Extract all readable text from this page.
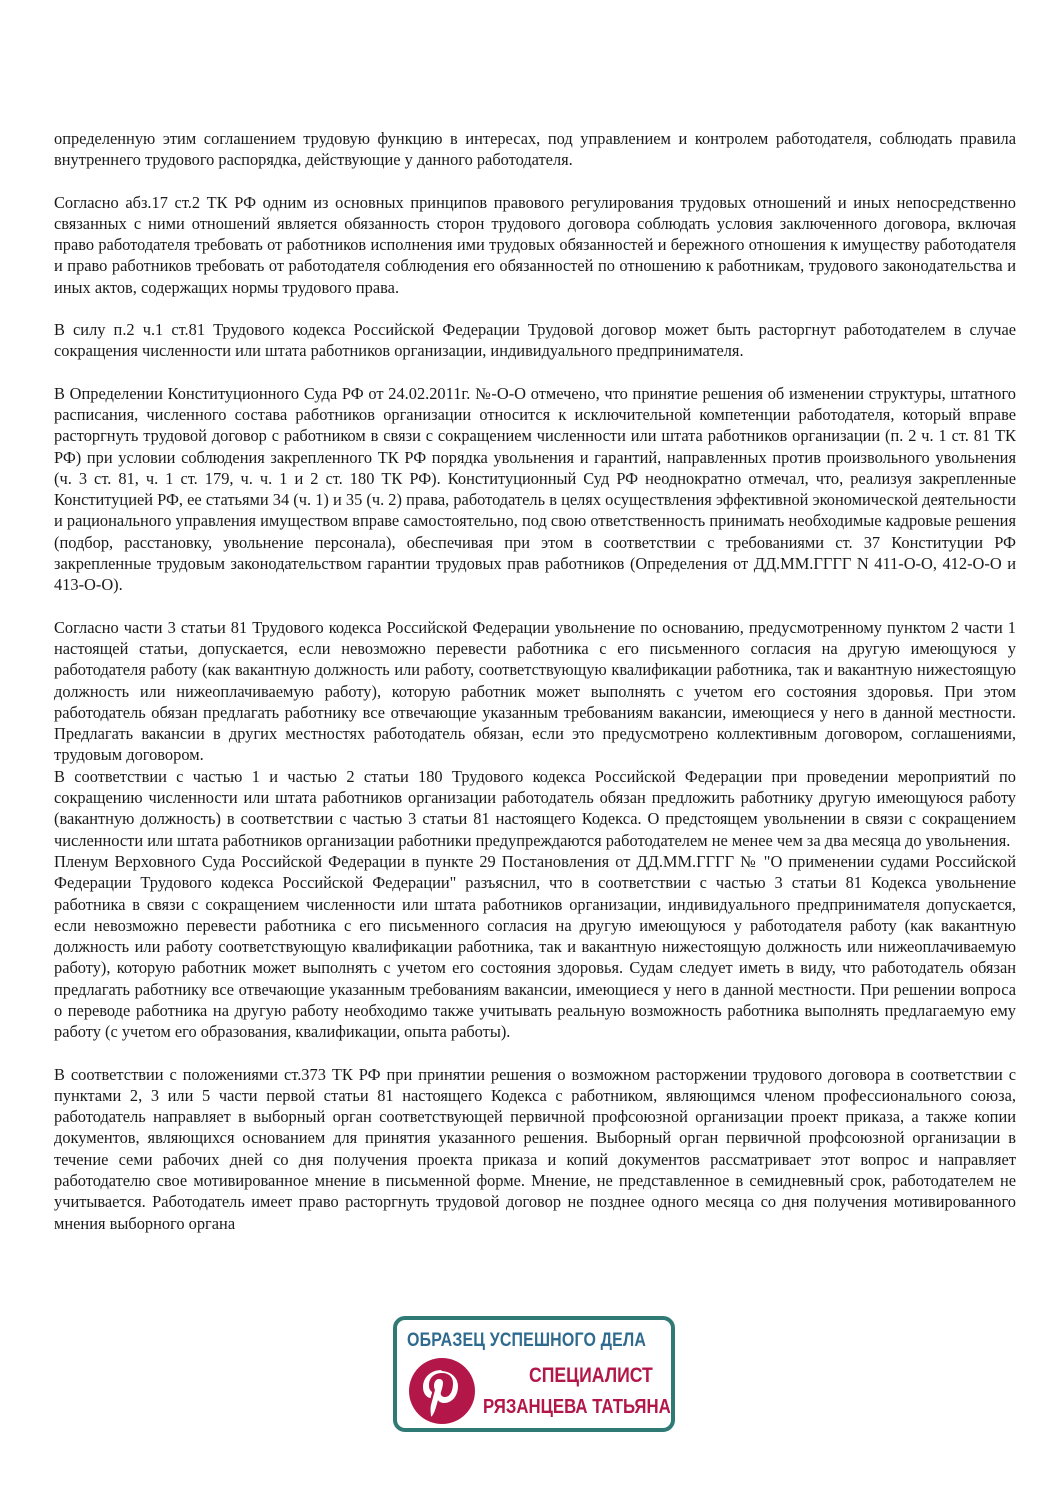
определенную этим соглашением трудовую функцию в интересах, под управлением и контролем работодателя, соблюдать правила внутреннего трудового распорядка, действующие у данного работодателя.

Согласно абз.17 ст.2 ТК РФ одним из основных принципов правового регулирования трудовых отношений и иных непосредственно связанных с ними отношений является обязанность сторон трудового договора соблюдать условия заключенного договора, включая право работодателя требовать от работников исполнения ими трудовых обязанностей и бережного отношения к имуществу работодателя и право работников требовать от работодателя соблюдения его обязанностей по отношению к работникам, трудового законодательства и иных актов, содержащих нормы трудового права.

В силу п.2 ч.1 ст.81 Трудового кодекса Российской Федерации Трудовой договор может быть расторгнут работодателем в случае сокращения численности или штата работников организации, индивидуального предпринимателя.

В Определении Конституционного Суда РФ от 24.02.2011г. №-О-О отмечено, что принятие решения об изменении структуры, штатного расписания, численного состава работников организации относится к исключительной компетенции работодателя, который вправе расторгнуть трудовой договор с работником в связи с сокращением численности или штата работников организации (п. 2 ч. 1 ст. 81 ТК РФ) при условии соблюдения закрепленного ТК РФ порядка увольнения и гарантий, направленных против произвольного увольнения (ч. 3 ст. 81, ч. 1 ст. 179, ч. ч. 1 и 2 ст. 180 ТК РФ). Конституционный Суд РФ неоднократно отмечал, что, реализуя закрепленные Конституцией РФ, ее статьями 34 (ч. 1) и 35 (ч. 2) права, работодатель в целях осуществления эффективной экономической деятельности и рационального управления имуществом вправе самостоятельно, под свою ответственность принимать необходимые кадровые решения (подбор, расстановку, увольнение персонала), обеспечивая при этом в соответствии с требованиями ст. 37 Конституции РФ закрепленные трудовым законодательством гарантии трудовых прав работников (Определения от ДД.ММ.ГГГГ N 411-О-О, 412-О-О и 413-О-О).

Согласно части 3 статьи 81 Трудового кодекса Российской Федерации увольнение по основанию, предусмотренному пунктом 2 части 1 настоящей статьи, допускается, если невозможно перевести работника с его письменного согласия на другую имеющуюся у работодателя работу (как вакантную должность или работу, соответствующую квалификации работника, так и вакантную нижестоящую должность или нижеоплачиваемую работу), которую работник может выполнять с учетом его состояния здоровья. При этом работодатель обязан предлагать работнику все отвечающие указанным требованиям вакансии, имеющиеся у него в данной местности. Предлагать вакансии в других местностях работодатель обязан, если это предусмотрено коллективным договором, соглашениями, трудовым договором.

В соответствии с частью 1 и частью 2 статьи 180 Трудового кодекса Российской Федерации при проведении мероприятий по сокращению численности или штата работников организации работодатель обязан предложить работнику другую имеющуюся работу (вакантную должность) в соответствии с частью 3 статьи 81 настоящего Кодекса. О предстоящем увольнении в связи с сокращением численности или штата работников организации работники предупреждаются работодателем не менее чем за два месяца до увольнения.

Пленум Верховного Суда Российской Федерации в пункте 29 Постановления от ДД.ММ.ГГГГ № "О применении судами Российской Федерации Трудового кодекса Российской Федерации" разъяснил, что в соответствии с частью 3 статьи 81 Кодекса увольнение работника в связи с сокращением численности или штата работников организации, индивидуального предпринимателя допускается, если невозможно перевести работника с его письменного согласия на другую имеющуюся у работодателя работу (как вакантную должность или работу соответствующую квалификации работника, так и вакантную нижестоящую должность или нижеоплачиваемую работу), которую работник может выполнять с учетом его состояния здоровья. Судам следует иметь в виду, что работодатель обязан предлагать работнику все отвечающие указанным требованиям вакансии, имеющиеся у него в данной местности. При решении вопроса о переводе работника на другую работу необходимо также учитывать реальную возможность работника выполнять предлагаемую ему работу (с учетом его образования, квалификации, опыта работы).

В соответствии с положениями ст.373 ТК РФ при принятии решения о возможном расторжении трудового договора в соответствии с пунктами 2, 3 или 5 части первой статьи 81 настоящего Кодекса с работником, являющимся членом профессионального союза, работодатель направляет в выборный орган соответствующей первичной профсоюзной организации проект приказа, а также копии документов, являющихся основанием для принятия указанного решения. Выборный орган первичной профсоюзной организации в течение семи рабочих дней со дня получения проекта приказа и копий документов рассматривает этот вопрос и направляет работодателю свое мотивированное мнение в письменной форме. Мнение, не представленное в семидневный срок, работодателем не учитывается. Работодатель имеет право расторгнуть трудовой договор не позднее одного месяца со дня получения мотивированного мнения выборного органа

ОБРАЗЕЦ УСПЕШНОГО ДЕЛА
СПЕЦИАЛИСТ
РЯЗАНЦЕВА ТАТЬЯНА
